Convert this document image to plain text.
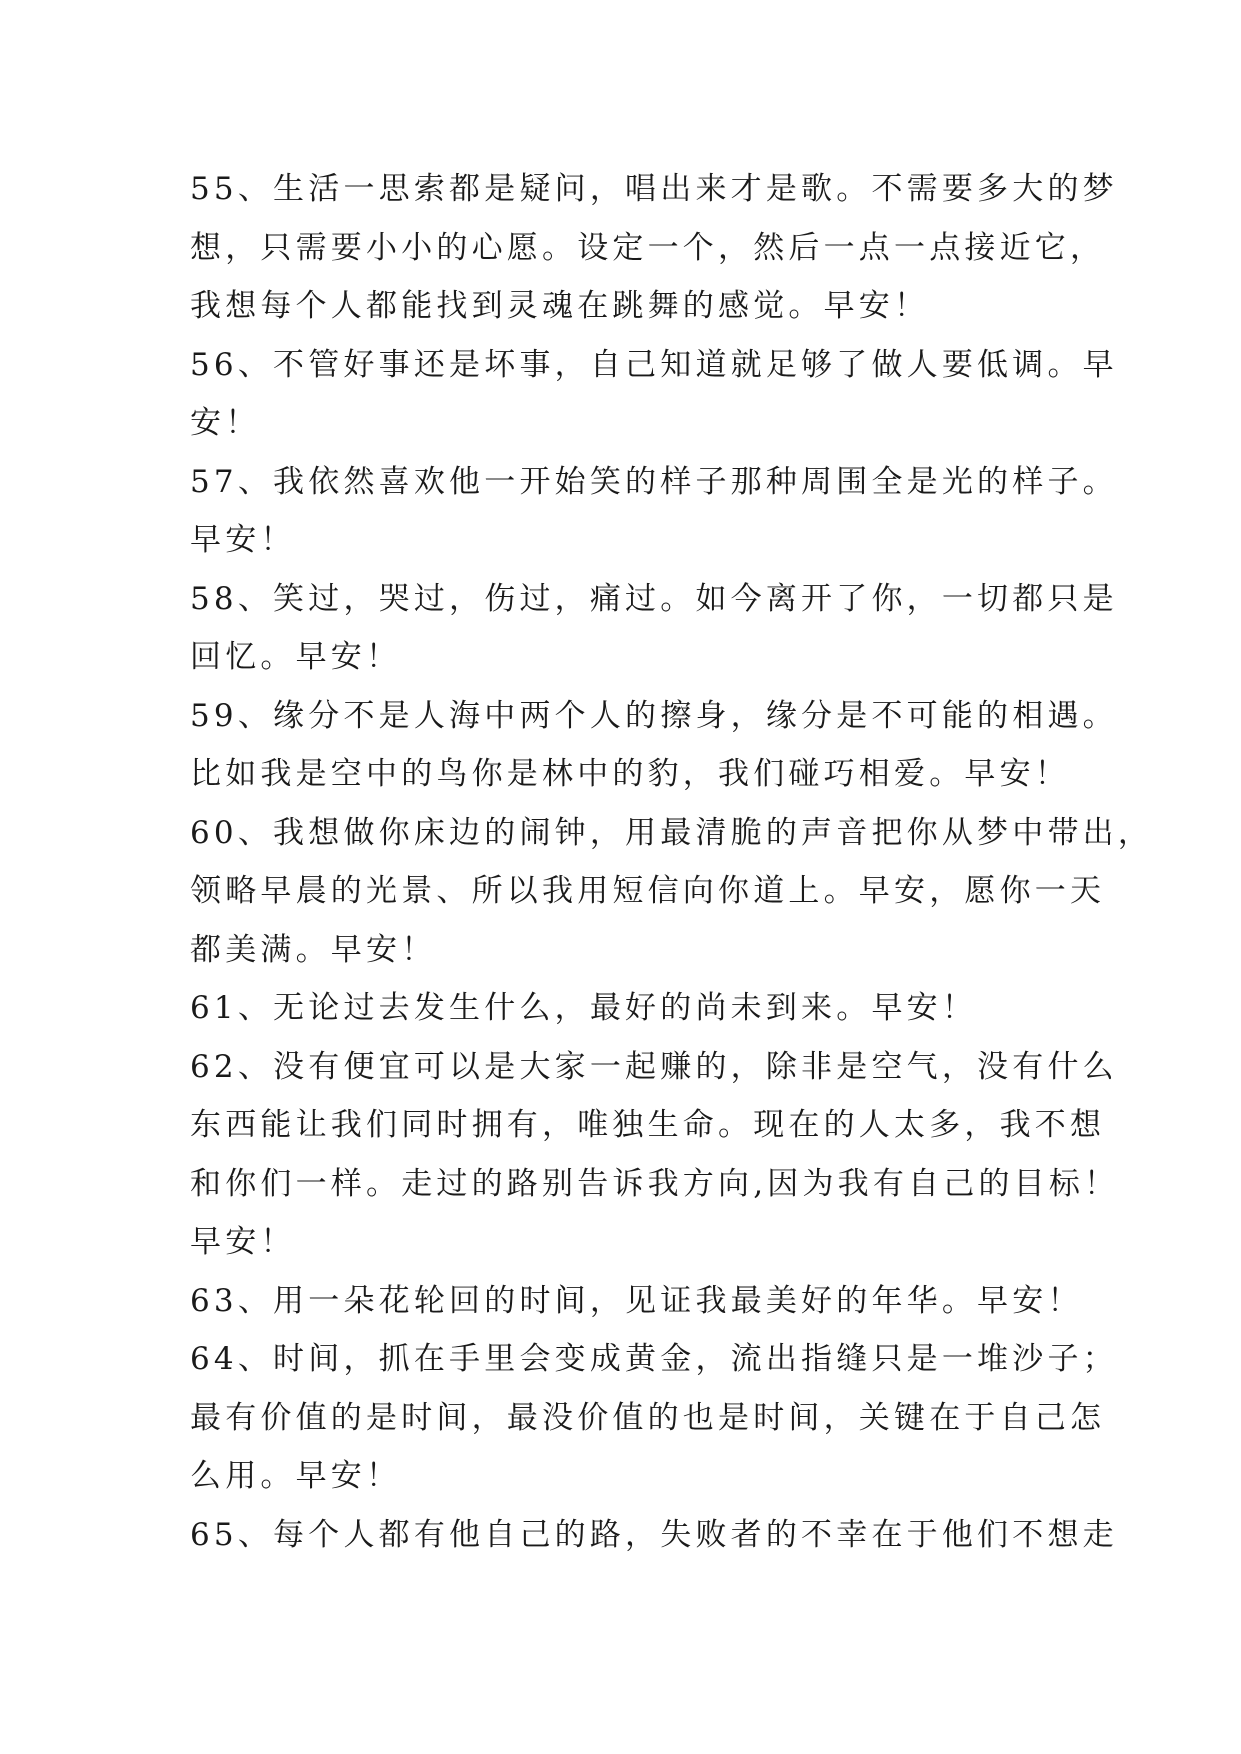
55、生活一思索都是疑问，唱出来才是歌。不需要多大的梦
想，只需要小小的心愿。设定一个，然后一点一点接近它，
我想每个人都能找到灵魂在跳舞的感觉。早安！
56、不管好事还是坏事，自己知道就足够了做人要低调。早
安！
57、我依然喜欢他一开始笑的样子那种周围全是光的样子。
早安！
58、笑过，哭过，伤过，痛过。如今离开了你，一切都只是
回忆。早安！
59、缘分不是人海中两个人的擦身，缘分是不可能的相遇。
比如我是空中的鸟你是林中的豹，我们碰巧相爱。早安！
60、我想做你床边的闹钟，用最清脆的声音把你从梦中带出，
领略早晨的光景、所以我用短信向你道上。早安，愿你一天
都美满。早安！
61、无论过去发生什么，最好的尚未到来。早安！
62、没有便宜可以是大家一起赚的，除非是空气，没有什么
东西能让我们同时拥有，唯独生命。现在的人太多，我不想
和你们一样。走过的路别告诉我方向,因为我有自己的目标！
早安！
63、用一朵花轮回的时间，见证我最美好的年华。早安！
64、时间，抓在手里会变成黄金，流出指缝只是一堆沙子；
最有价值的是时间，最没价值的也是时间，关键在于自己怎
么用。早安！
65、每个人都有他自己的路，失败者的不幸在于他们不想走
